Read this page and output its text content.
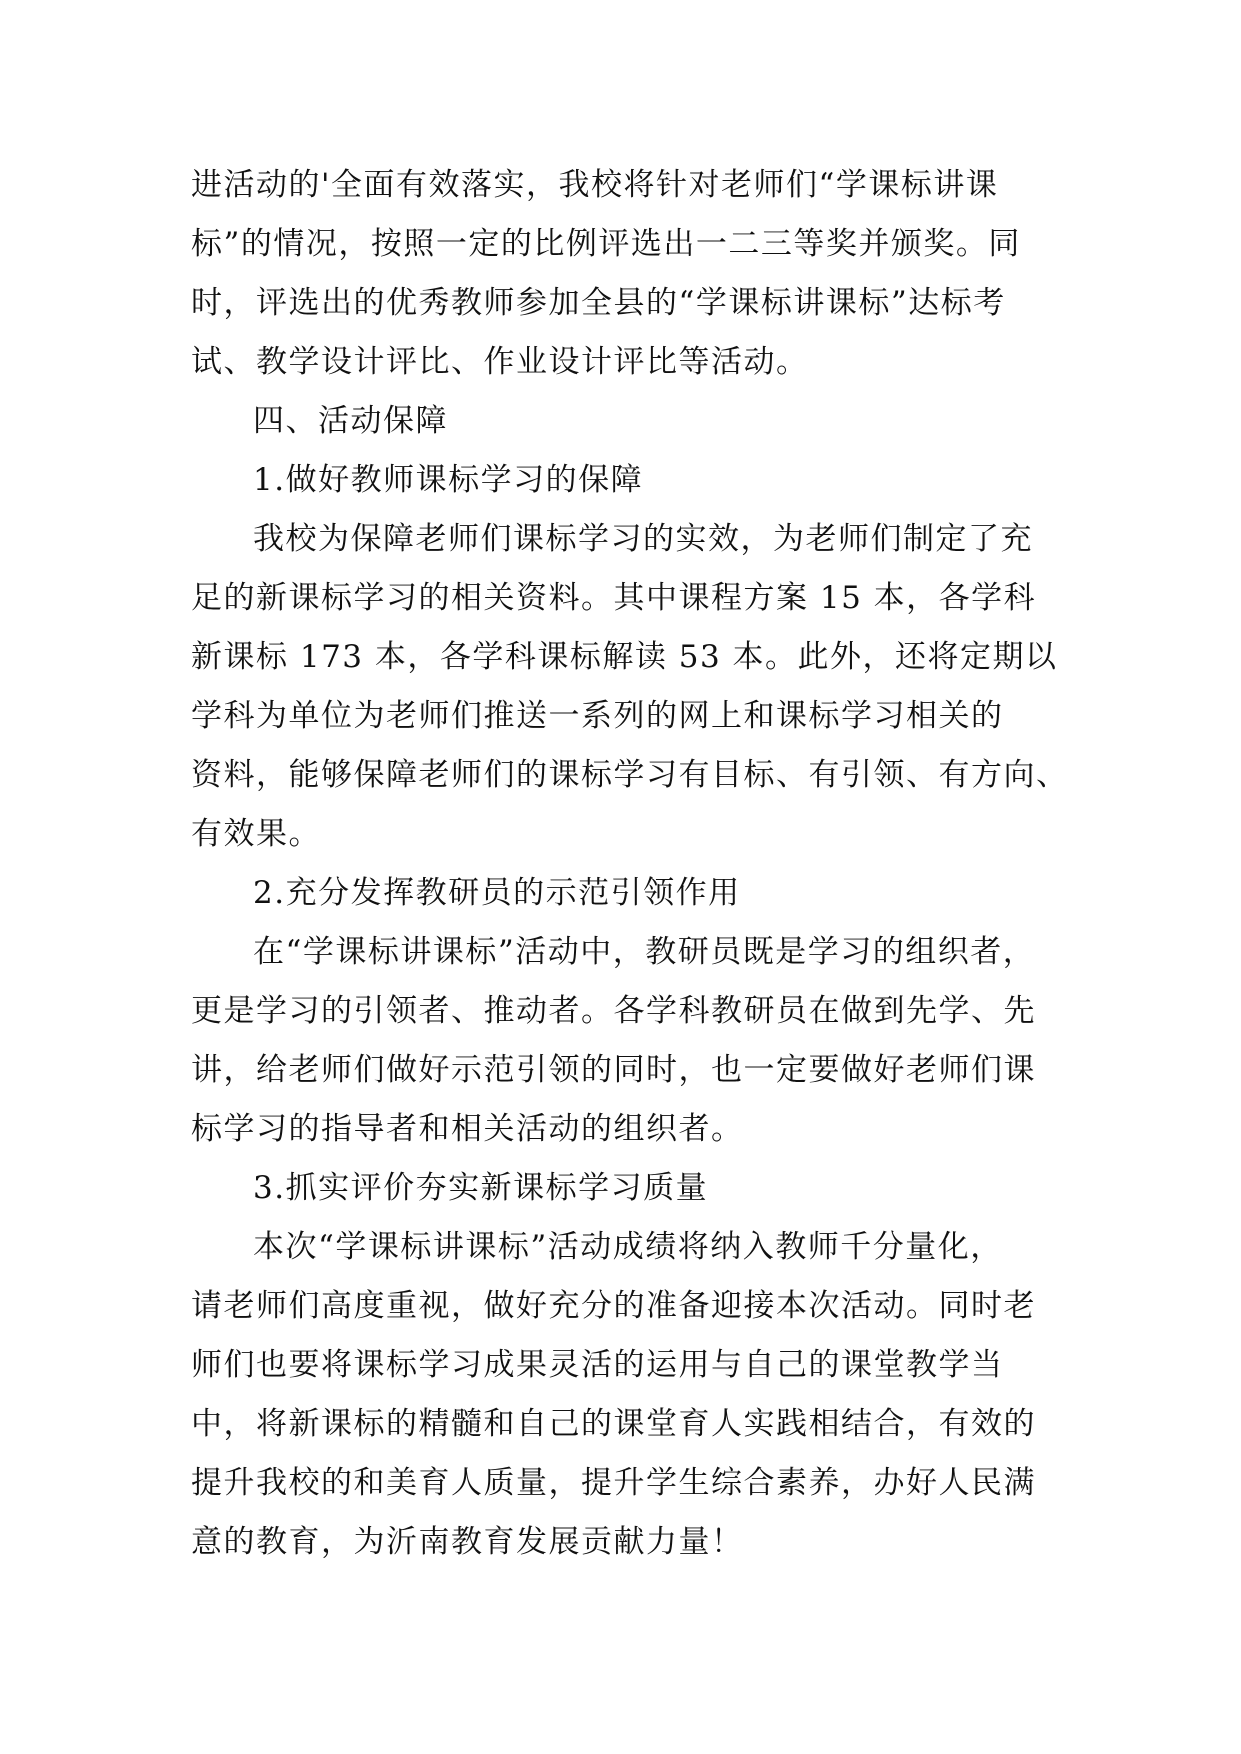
进活动的'全面有效落实，我校将针对老师们“学课标讲课
标”的情况，按照一定的比例评选出一二三等奖并颁奖。同
时，评选出的优秀教师参加全县的“学课标讲课标”达标考
试、教学设计评比、作业设计评比等活动。
四、活动保障
1.做好教师课标学习的保障
我校为保障老师们课标学习的实效，为老师们制定了充
足的新课标学习的相关资料。其中课程方案 15 本，各学科
新课标 173 本，各学科课标解读 53 本。此外，还将定期以
学科为单位为老师们推送一系列的网上和课标学习相关的
资料，能够保障老师们的课标学习有目标、有引领、有方向、
有效果。
2.充分发挥教研员的示范引领作用
在“学课标讲课标”活动中，教研员既是学习的组织者，
更是学习的引领者、推动者。各学科教研员在做到先学、先
讲，给老师们做好示范引领的同时，也一定要做好老师们课
标学习的指导者和相关活动的组织者。
3.抓实评价夯实新课标学习质量
本次“学课标讲课标”活动成绩将纳入教师千分量化，
请老师们高度重视，做好充分的准备迎接本次活动。同时老
师们也要将课标学习成果灵活的运用与自己的课堂教学当
中，将新课标的精髓和自己的课堂育人实践相结合，有效的
提升我校的和美育人质量，提升学生综合素养，办好人民满
意的教育，为沂南教育发展贡献力量！
